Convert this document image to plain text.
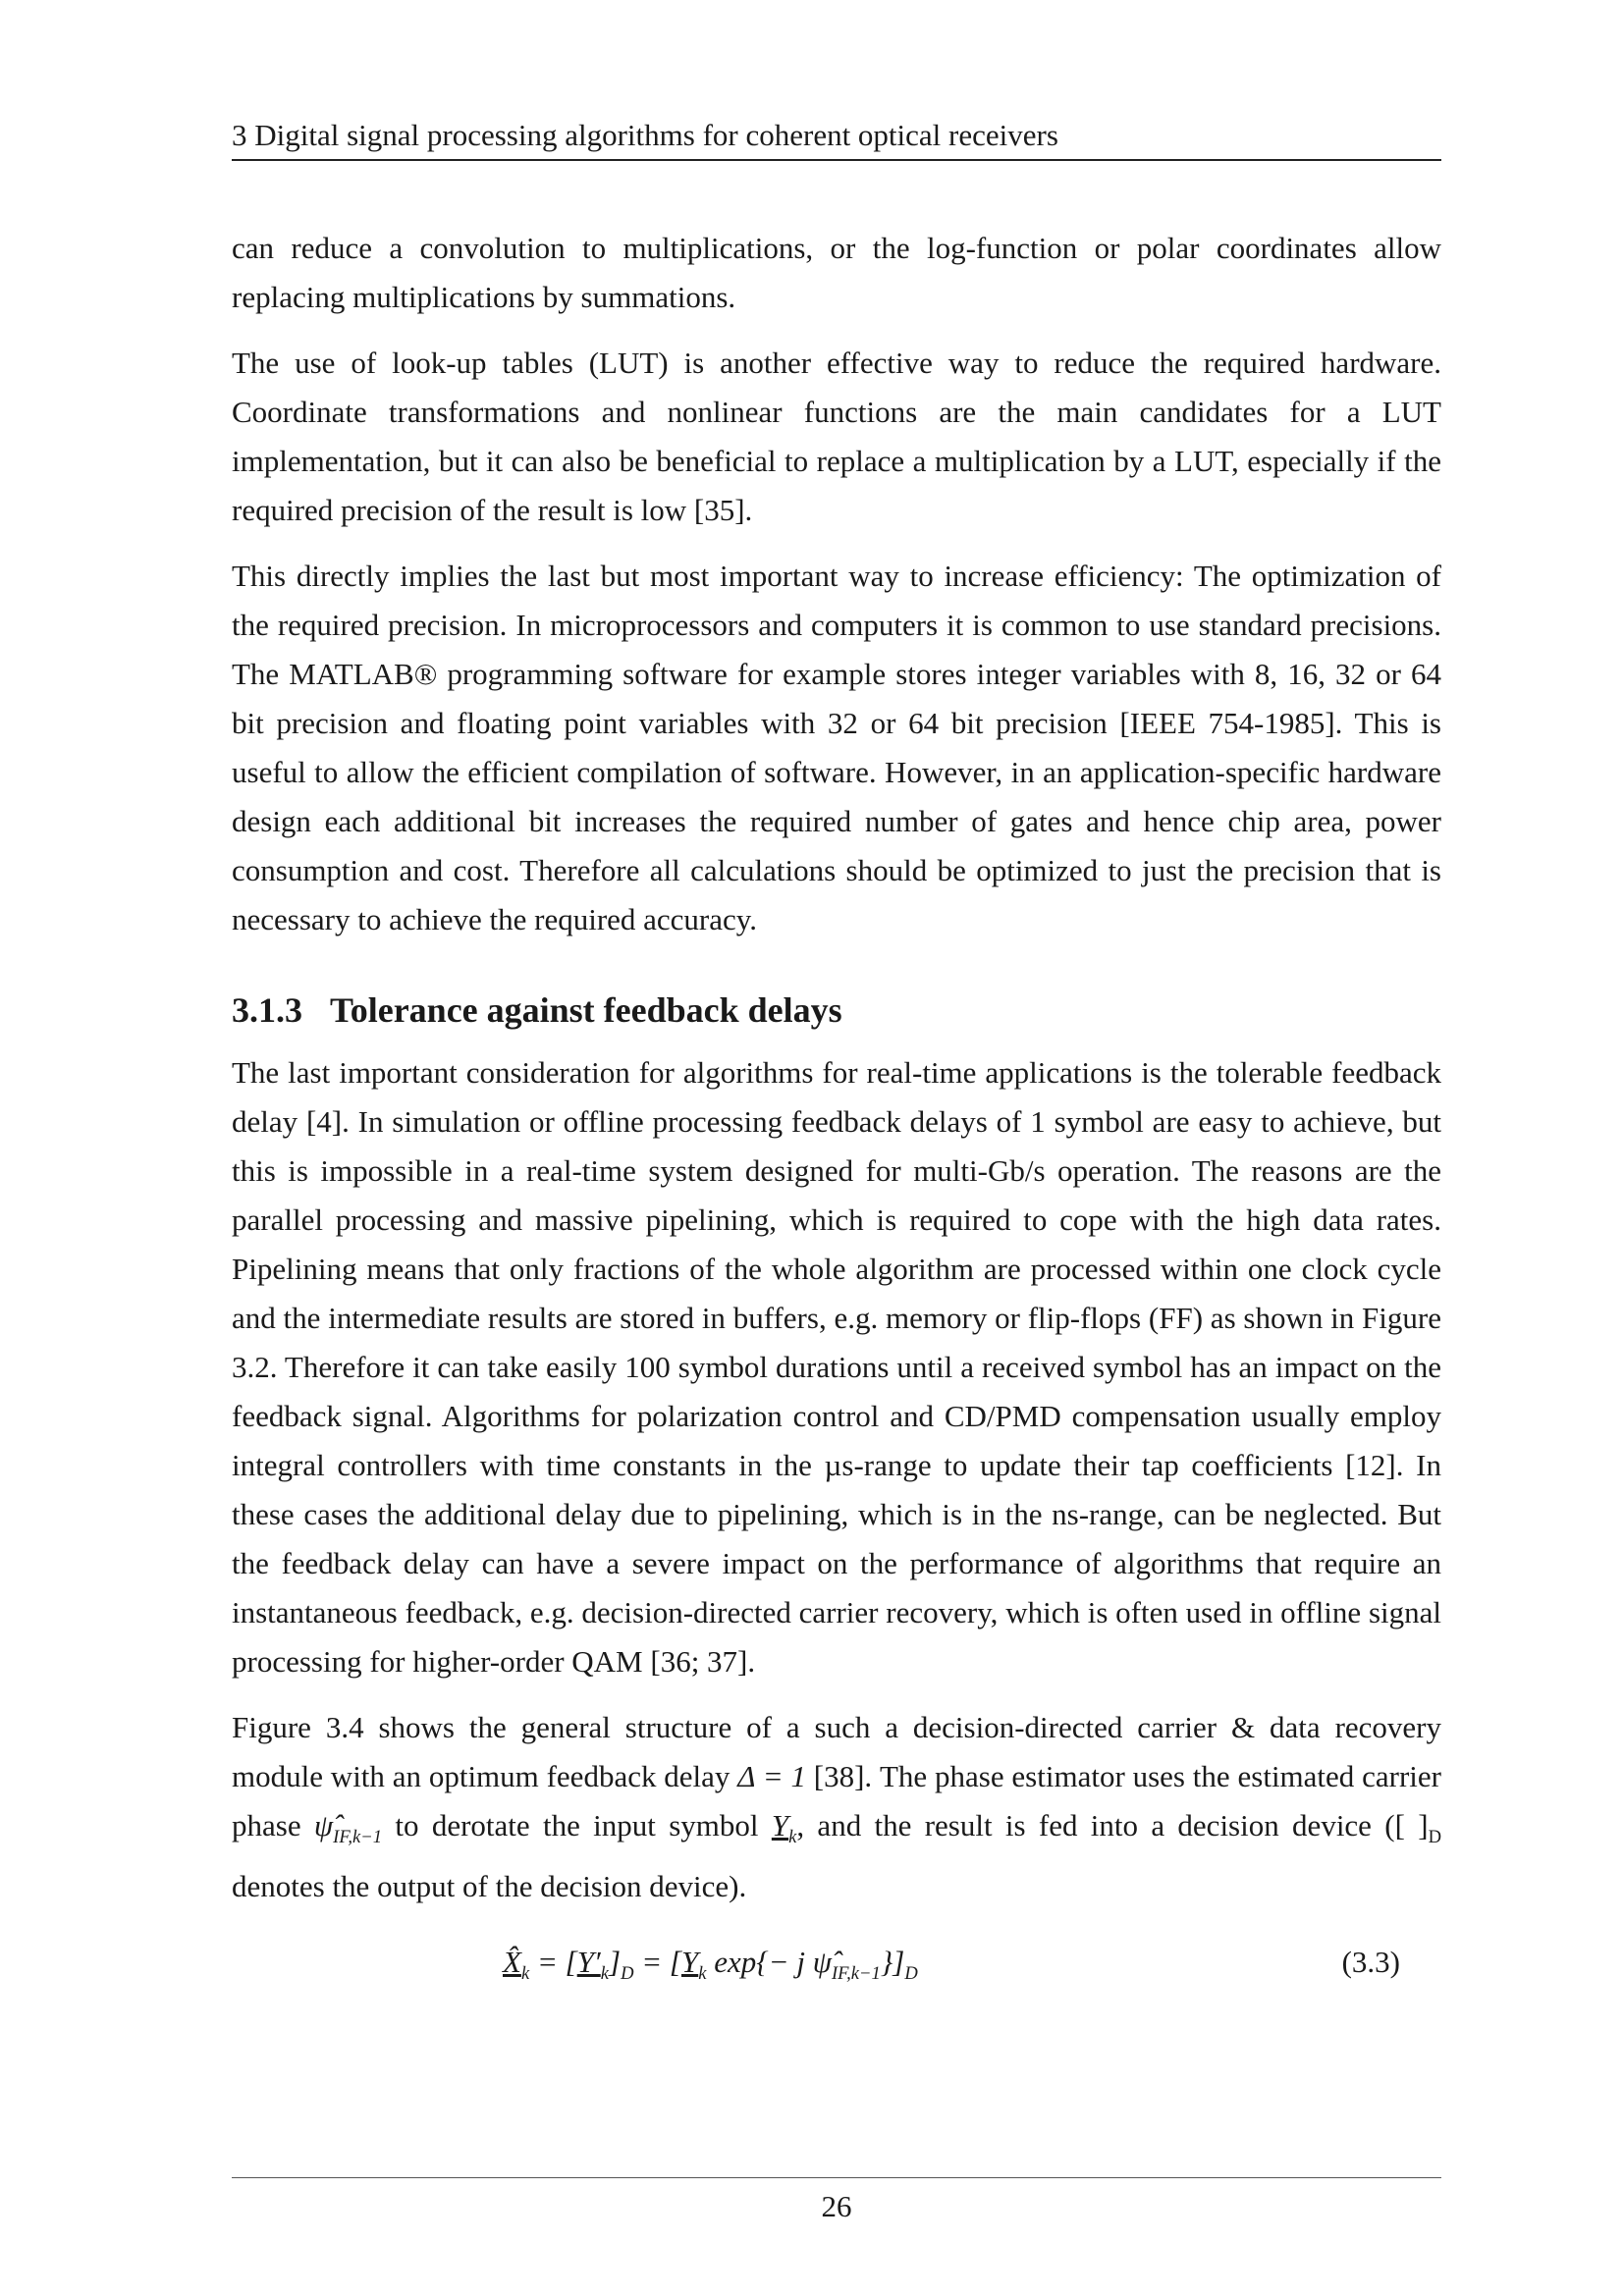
3 Digital signal processing algorithms for coherent optical receivers

can reduce a convolution to multiplications, or the log-function or polar coordinates allow replacing multiplications by summations.

The use of look-up tables (LUT) is another effective way to reduce the required hardware. Coordinate transformations and nonlinear functions are the main candidates for a LUT implementation, but it can also be beneficial to replace a multiplication by a LUT, especially if the required precision of the result is low [35].

This directly implies the last but most important way to increase efficiency: The optimization of the required precision. In microprocessors and computers it is common to use standard precisions. The MATLAB® programming software for example stores integer variables with 8, 16, 32 or 64 bit precision and floating point variables with 32 or 64 bit precision [IEEE 754-1985]. This is useful to allow the efficient compilation of software. However, in an application-specific hardware design each additional bit increases the required number of gates and hence chip area, power consumption and cost. Therefore all calculations should be optimized to just the precision that is necessary to achieve the required accuracy.

3.1.3 Tolerance against feedback delays

The last important consideration for algorithms for real-time applications is the tolerable feedback delay [4]. In simulation or offline processing feedback delays of 1 symbol are easy to achieve, but this is impossible in a real-time system designed for multi-Gb/s operation. The reasons are the parallel processing and massive pipelining, which is required to cope with the high data rates. Pipelining means that only fractions of the whole algorithm are processed within one clock cycle and the intermediate results are stored in buffers, e.g. memory or flip-flops (FF) as shown in Figure 3.2. Therefore it can take easily 100 symbol durations until a received symbol has an impact on the feedback signal. Algorithms for polarization control and CD/PMD compensation usually employ integral controllers with time constants in the µs-range to update their tap coefficients [12]. In these cases the additional delay due to pipelining, which is in the ns-range, can be neglected. But the feedback delay can have a severe impact on the performance of algorithms that require an instantaneous feedback, e.g. decision-directed carrier recovery, which is often used in offline signal processing for higher-order QAM [36; 37].

Figure 3.4 shows the general structure of a such a decision-directed carrier & data recovery module with an optimum feedback delay Δ = 1 [38]. The phase estimator uses the estimated carrier phase $\psî_{IF,k-1}$ to derotate the input symbol $Y_k$, and the result is fed into a decision device ([ ]$_D$ denotes the output of the decision device).

$X̂_k = [Y'_k]_D = [Y_k$ exp{− j $\psî_{IF,k-1}\}]_D$	(3.3)
26
